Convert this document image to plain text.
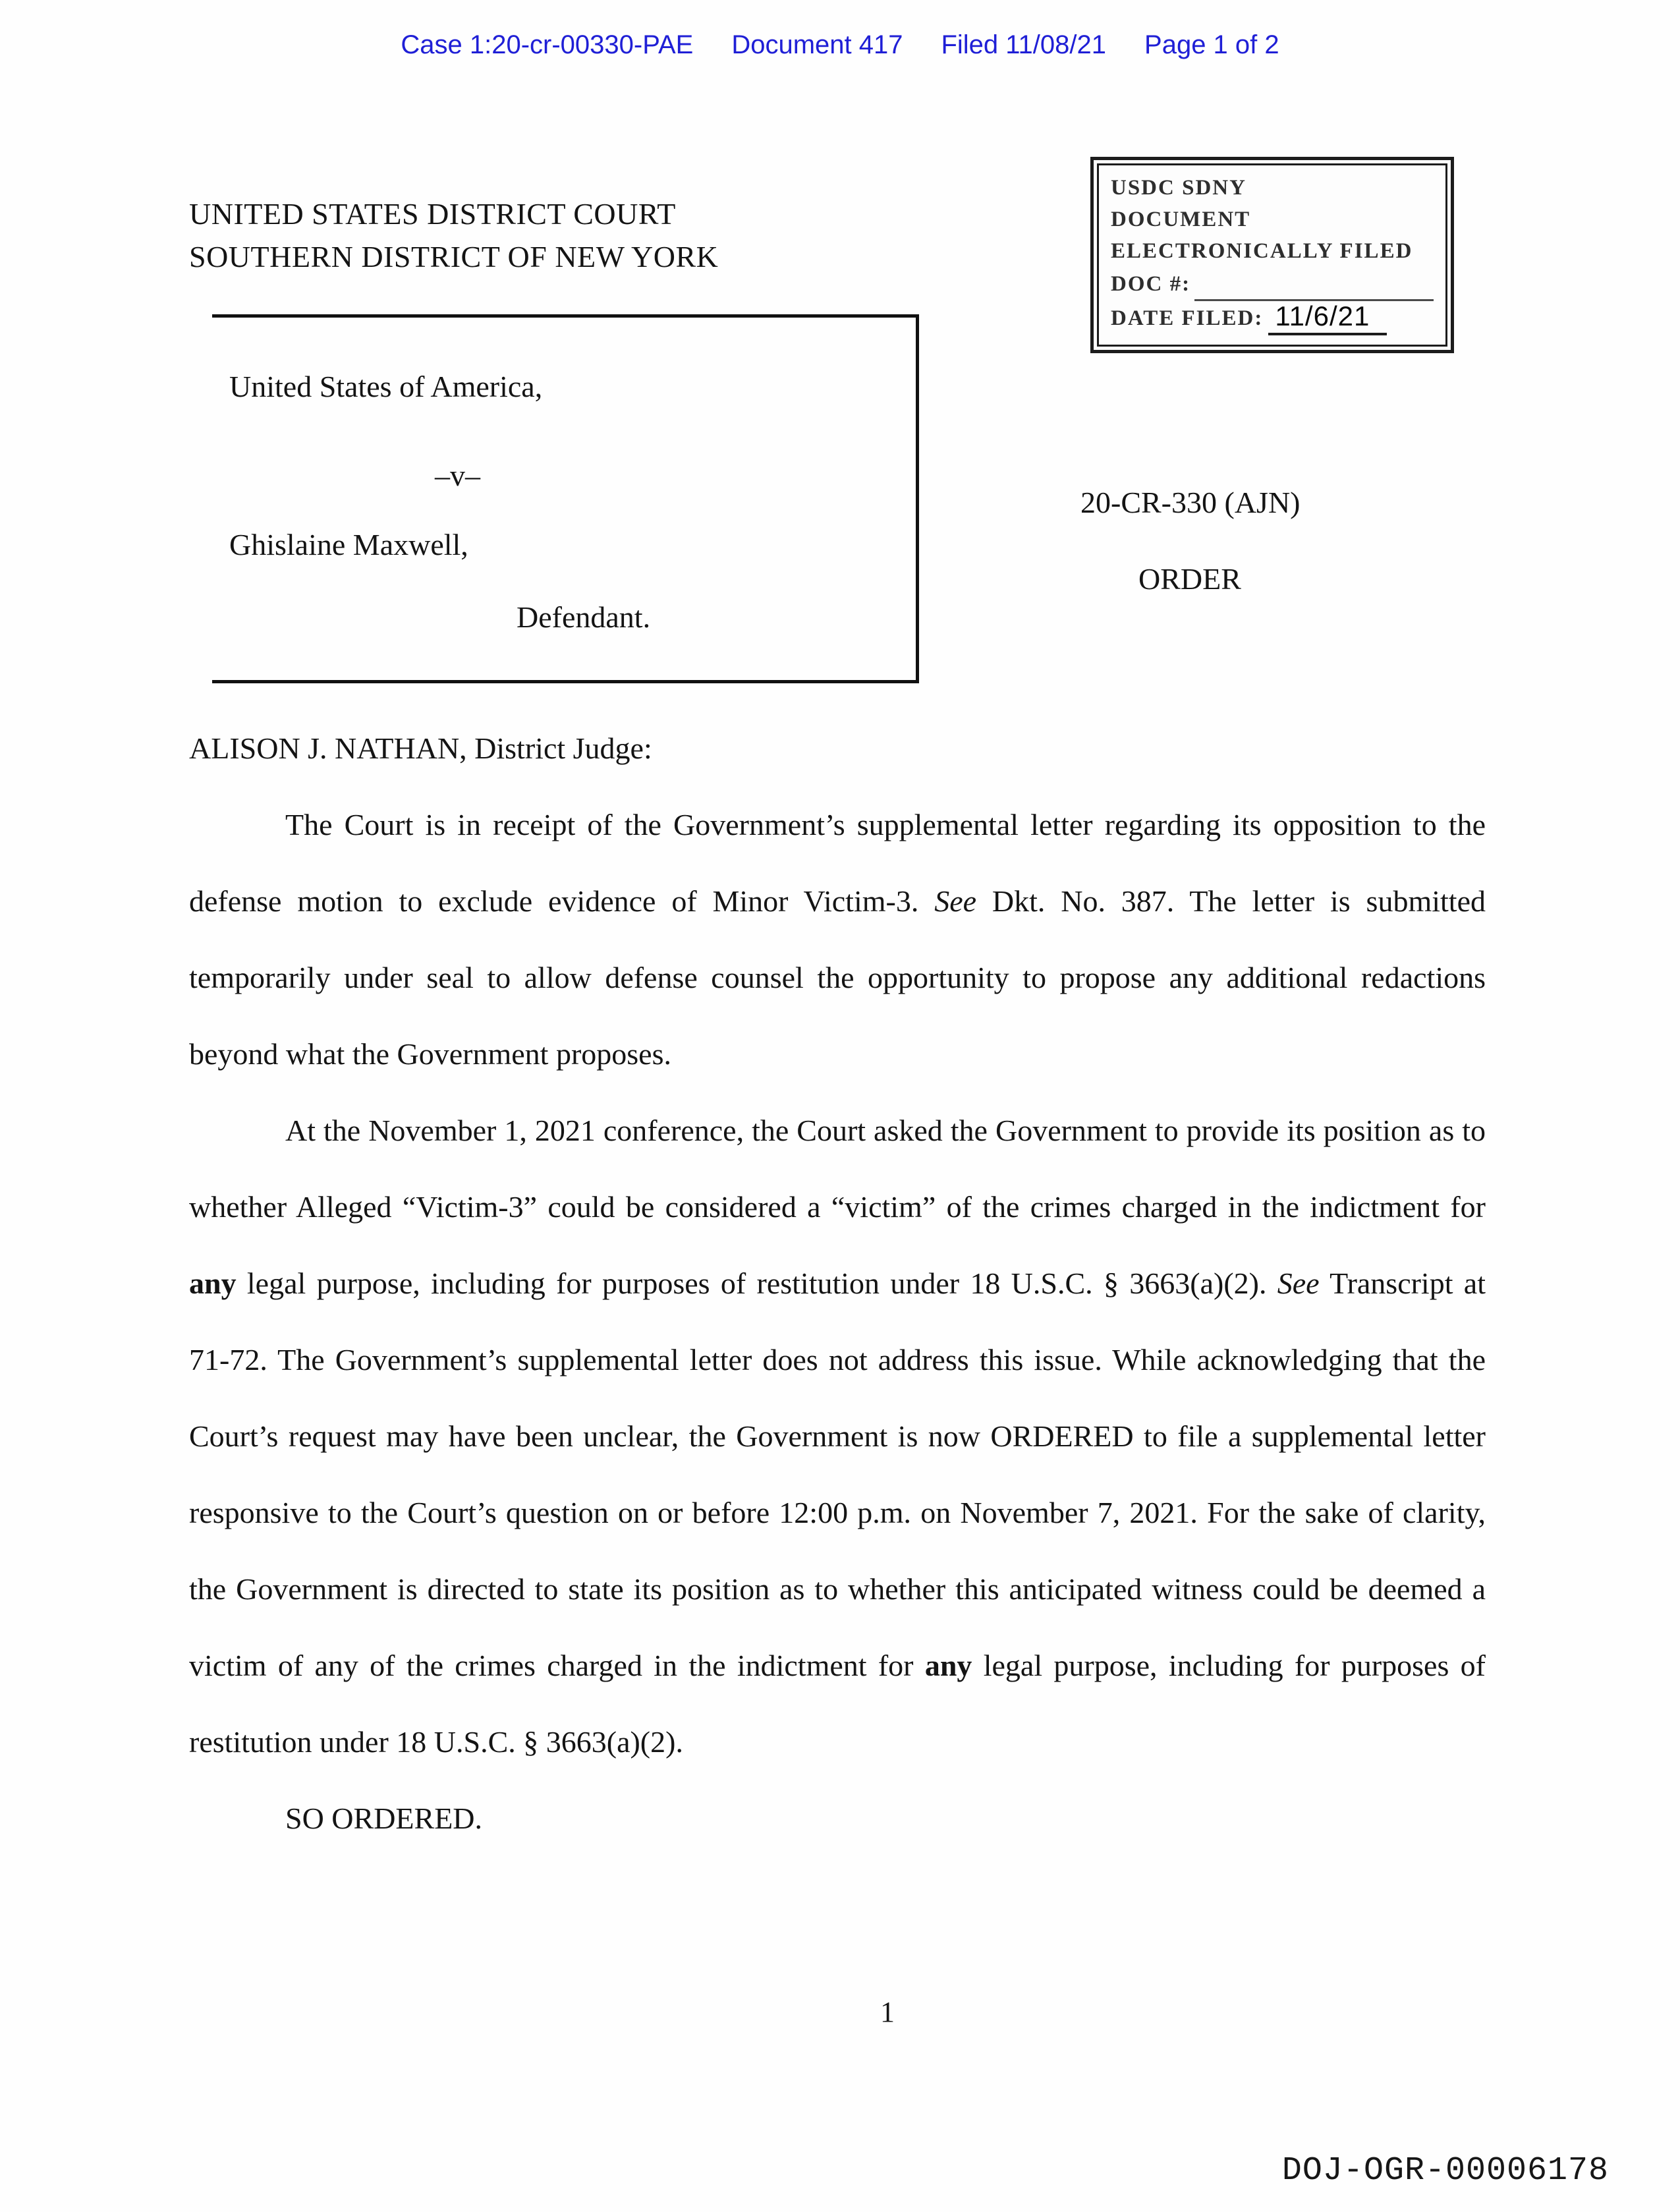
Case 1:20-cr-00330-PAE Document 417 Filed 11/08/21 Page 1 of 2
USDC SDNY
DOCUMENT
ELECTRONICALLY FILED
DOC #:
DATE FILED: 11/6/21
UNITED STATES DISTRICT COURT
SOUTHERN DISTRICT OF NEW YORK
United States of America,
–v–
Ghislaine Maxwell,
Defendant.
20-CR-330 (AJN)
ORDER
ALISON J. NATHAN, District Judge:

The Court is in receipt of the Government’s supplemental letter regarding its opposition to the defense motion to exclude evidence of Minor Victim-3. See Dkt. No. 387. The letter is submitted temporarily under seal to allow defense counsel the opportunity to propose any additional redactions beyond what the Government proposes.

At the November 1, 2021 conference, the Court asked the Government to provide its position as to whether Alleged “Victim-3” could be considered a “victim” of the crimes charged in the indictment for any legal purpose, including for purposes of restitution under 18 U.S.C. § 3663(a)(2). See Transcript at 71-72. The Government’s supplemental letter does not address this issue. While acknowledging that the Court’s request may have been unclear, the Government is now ORDERED to file a supplemental letter responsive to the Court’s question on or before 12:00 p.m. on November 7, 2021. For the sake of clarity, the Government is directed to state its position as to whether this anticipated witness could be deemed a victim of any of the crimes charged in the indictment for any legal purpose, including for purposes of restitution under 18 U.S.C. § 3663(a)(2).

SO ORDERED.

1
DOJ-OGR-00006178
